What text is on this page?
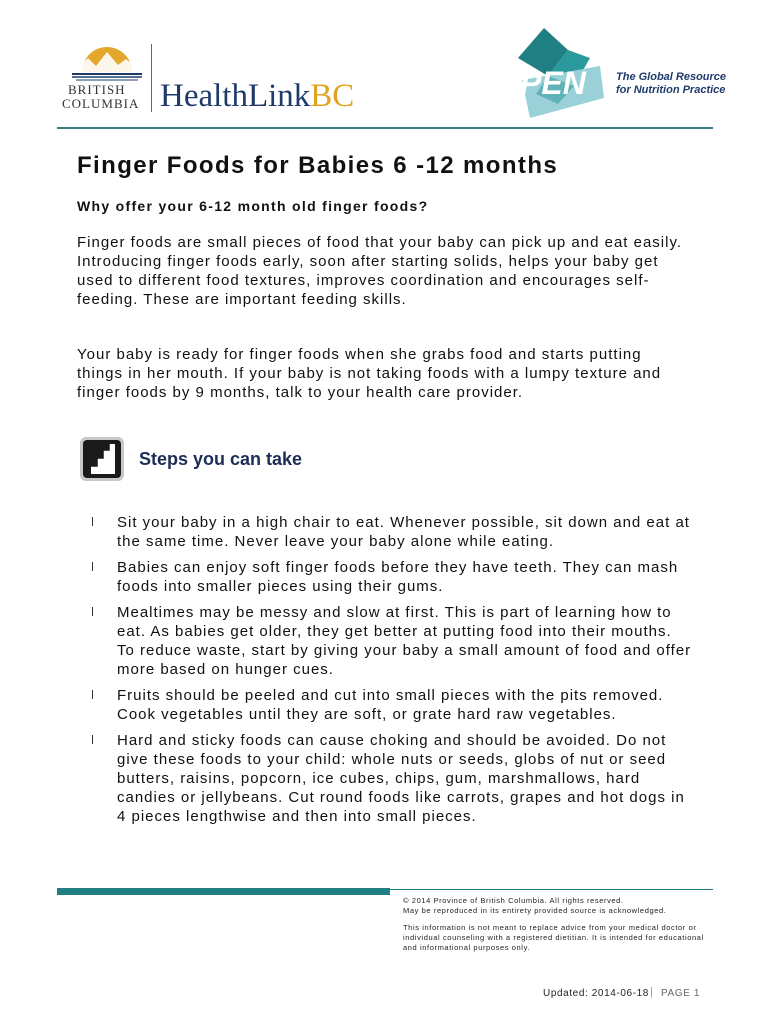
BRITISH
COLUMBIA HealthLinkBC	PEN	The Global Resource
for Nutrition Practice
Finger Foods for Babies 6 -12 months
Why offer your 6-12 month old finger foods?
Finger foods are small pieces of food that your baby can pick up and eat easily. Introducing finger foods early, soon after starting solids, helps your baby get used to different food textures, improves coordination and encourages self-feeding. These are important feeding skills.
Your baby is ready for finger foods when she grabs food and starts putting things in her mouth. If your baby is not taking foods with a lumpy texture and finger foods by 9 months, talk to your health care provider.
Steps you can take
Sit your baby in a high chair to eat. Whenever possible, sit down and eat at the same time. Never leave your baby alone while eating.
Babies can enjoy soft finger foods before they have teeth. They can mash foods into smaller pieces using their gums.
Mealtimes may be messy and slow at first. This is part of learning how to eat. As babies get older, they get better at putting food into their mouths. To reduce waste, start by giving your baby a small amount of food and offer more based on hunger cues.
Fruits should be peeled and cut into small pieces with the pits removed. Cook vegetables until they are soft, or grate hard raw vegetables.
Hard and sticky foods can cause choking and should be avoided. Do not give these foods to your child: whole nuts or seeds, globs of nut or seed butters, raisins, popcorn, ice cubes, chips, gum, marshmallows, hard candies or jellybeans. Cut round foods like carrots, grapes and hot dogs in 4 pieces lengthwise and then into small pieces.
© 2014 Province of British Columbia. All rights reserved.
May be reproduced in its entirety provided source is acknowledged.
This information is not meant to replace advice from your medical doctor or individual counseling with a registered dietitian. It is intended for educational and informational purposes only.
Updated: 2014-06-18 | PAGE 1
